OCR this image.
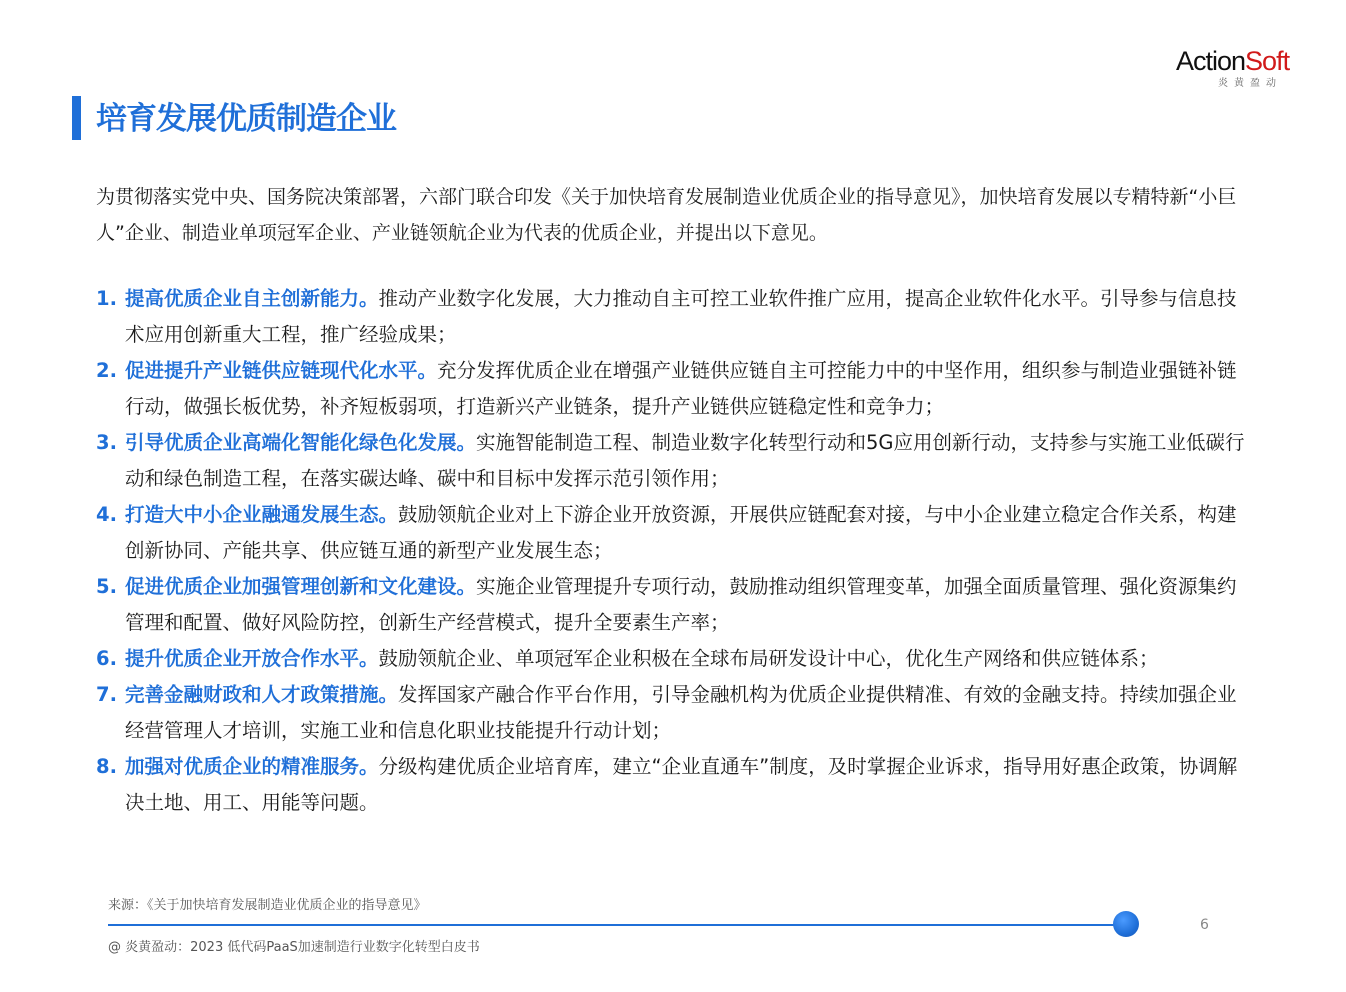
ActionSoft
炎黄盈动
培育发展优质制造企业
为贯彻落实党中央、国务院决策部署，六部门联合印发《关于加快培育发展制造业优质企业的指导意见》，加快培育发展以专精特新“小巨人”企业、制造业单项冠军企业、产业链领航企业为代表的优质企业，并提出以下意见。
1. 提高优质企业自主创新能力。推动产业数字化发展，大力推动自主可控工业软件推广应用，提高企业软件化水平。引导参与信息技术应用创新重大工程，推广经验成果；
2. 促进提升产业链供应链现代化水平。充分发挥优质企业在增强产业链供应链自主可控能力中的中坚作用，组织参与制造业强链补链行动，做强长板优势，补齐短板弱项，打造新兴产业链条，提升产业链供应链稳定性和竞争力；
3. 引导优质企业高端化智能化绿色化发展。实施智能制造工程、制造业数字化转型行动和5G应用创新行动，支持参与实施工业低碳行动和绿色制造工程，在落实碳达峰、碳中和目标中发挥示范引领作用；
4. 打造大中小企业融通发展生态。鼓励领航企业对上下游企业开放资源，开展供应链配套对接，与中小企业建立稳定合作关系，构建创新协同、产能共享、供应链互通的新型产业发展生态；
5. 促进优质企业加强管理创新和文化建设。实施企业管理提升专项行动，鼓励推动组织管理变革，加强全面质量管理、强化资源集约管理和配置、做好风险防控，创新生产经营模式，提升全要素生产率；
6. 提升优质企业开放合作水平。鼓励领航企业、单项冠军企业积极在全球布局研发设计中心，优化生产网络和供应链体系；
7. 完善金融财政和人才政策措施。发挥国家产融合作平台作用，引导金融机构为优质企业提供精准、有效的金融支持。持续加强企业经营管理人才培训，实施工业和信息化职业技能提升行动计划；
8. 加强对优质企业的精准服务。分级构建优质企业培育库，建立“企业直通车”制度，及时掌握企业诉求，指导用好惠企政策，协调解决土地、用工、用能等问题。
来源：《关于加快培育发展制造业优质企业的指导意见》
6
@ 炎黄盈动：2023 低代码PaaS加速制造行业数字化转型白皮书
